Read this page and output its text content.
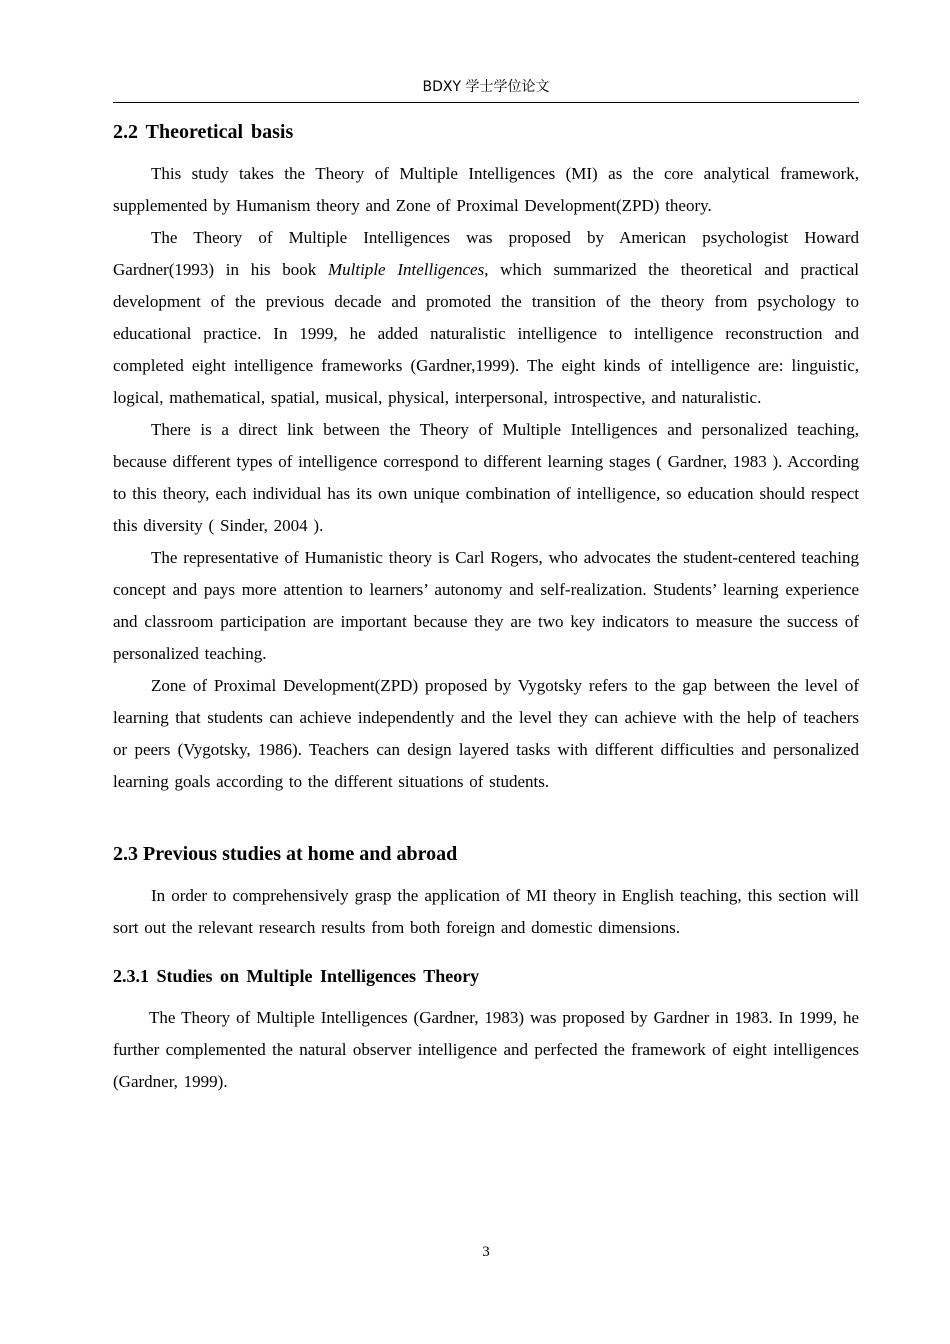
BDXY 学士学位论文
2.2 Theoretical basis

This study takes the Theory of Multiple Intelligences (MI) as the core analytical framework, supplemented by Humanism theory and Zone of Proximal Development(ZPD) theory.

The Theory of Multiple Intelligences was proposed by American psychologist Howard Gardner(1993) in his book Multiple Intelligences, which summarized the theoretical and practical development of the previous decade and promoted the transition of the theory from psychology to educational practice. In 1999, he added naturalistic intelligence to intelligence reconstruction and completed eight intelligence frameworks (Gardner,1999). The eight kinds of intelligence are: linguistic, logical, mathematical, spatial, musical, physical, interpersonal, introspective, and naturalistic.

There is a direct link between the Theory of Multiple Intelligences and personalized teaching, because different types of intelligence correspond to different learning stages ( Gardner, 1983 ). According to this theory, each individual has its own unique combination of intelligence, so education should respect this diversity ( Sinder, 2004 ).

The representative of Humanistic theory is Carl Rogers, who advocates the student-centered teaching concept and pays more attention to learners’ autonomy and self-realization. Students’ learning experience and classroom participation are important because they are two key indicators to measure the success of personalized teaching.

Zone of Proximal Development(ZPD) proposed by Vygotsky refers to the gap between the level of learning that students can achieve independently and the level they can achieve with the help of teachers or peers (Vygotsky, 1986). Teachers can design layered tasks with different difficulties and personalized learning goals according to the different situations of students.

2.3 Previous studies at home and abroad

In order to comprehensively grasp the application of MI theory in English teaching, this section will sort out the relevant research results from both foreign and domestic dimensions.

2.3.1 Studies on Multiple Intelligences Theory

The Theory of Multiple Intelligences (Gardner, 1983) was proposed by Gardner in 1983. In 1999, he further complemented the natural observer intelligence and perfected the framework of eight intelligences (Gardner, 1999).

3
